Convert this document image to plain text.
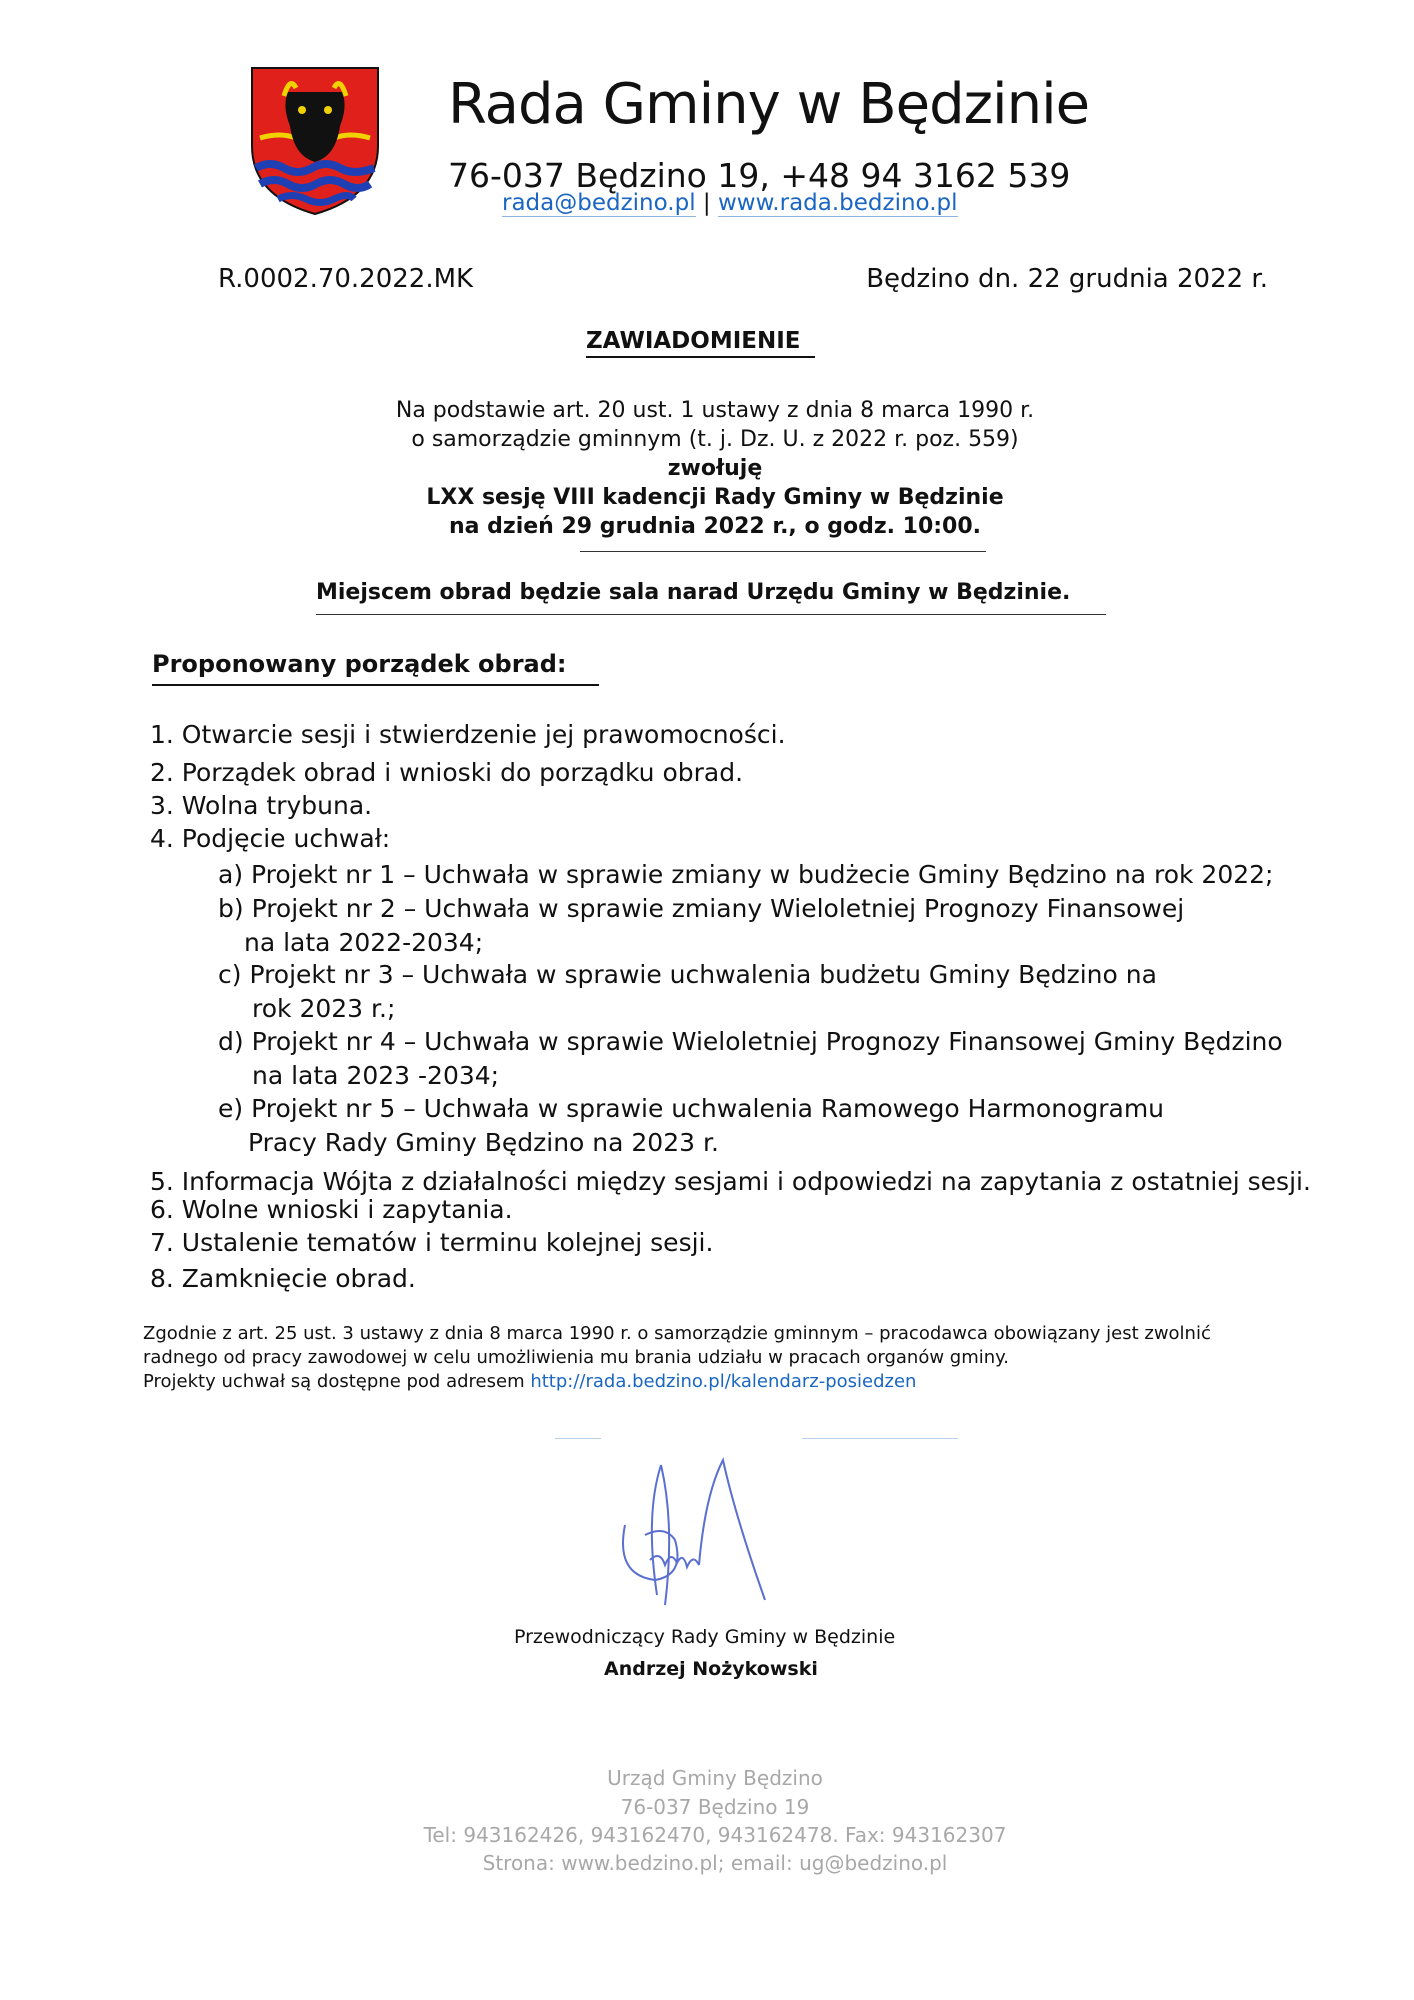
Rada Gminy w Będzinie
76-037 Będzino 19, +48 94 3162 539
rada@bedzino.pl | www.rada.bedzino.pl
R.0002.70.2022.MK	Będzino dn. 22 grudnia 2022 r.
ZAWIADOMIENIE
Na podstawie art. 20 ust. 1 ustawy z dnia 8 marca 1990 r.
o samorządzie gminnym (t. j. Dz. U. z 2022 r. poz. 559)
zwołuję
LXX sesję VIII kadencji Rady Gminy w Będzinie
na dzień 29 grudnia 2022 r., o godz. 10:00.
Miejscem obrad będzie sala narad Urzędu Gminy w Będzinie.
Proponowany porządek obrad:
1. Otwarcie sesji i stwierdzenie jej prawomocności.
2. Porządek obrad i wnioski do porządku obrad.
3. Wolna trybuna.
4. Podjęcie uchwał:
a) Projekt nr 1 – Uchwała w sprawie zmiany w budżecie Gminy Będzino na rok 2022;
b) Projekt nr 2 – Uchwała w sprawie zmiany Wieloletniej Prognozy Finansowej
na lata 2022-2034;
c) Projekt nr 3 – Uchwała w sprawie uchwalenia budżetu Gminy Będzino na
rok 2023 r.;
d) Projekt nr 4 – Uchwała w sprawie Wieloletniej Prognozy Finansowej Gminy Będzino
na lata 2023 -2034;
e) Projekt nr 5 – Uchwała w sprawie uchwalenia Ramowego Harmonogramu
Pracy Rady Gminy Będzino na 2023 r.
5. Informacja Wójta z działalności między sesjami i odpowiedzi na zapytania z ostatniej sesji.
6. Wolne wnioski i zapytania.
7. Ustalenie tematów i terminu kolejnej sesji.
8. Zamknięcie obrad.
Zgodnie z art. 25 ust. 3 ustawy z dnia 8 marca 1990 r. o samorządzie gminnym – pracodawca obowiązany jest zwolnić
radnego od pracy zawodowej w celu umożliwienia mu brania udziału w pracach organów gminy.
Projekty uchwał są dostępne pod adresem http://rada.bedzino.pl/kalendarz-posiedzen
Przewodniczący Rady Gminy w Będzinie
Andrzej Nożykowski
Urząd Gminy Będzino
76-037 Będzino 19
Tel: 943162426, 943162470, 943162478. Fax: 943162307
Strona: www.bedzino.pl; email: ug@bedzino.pl
